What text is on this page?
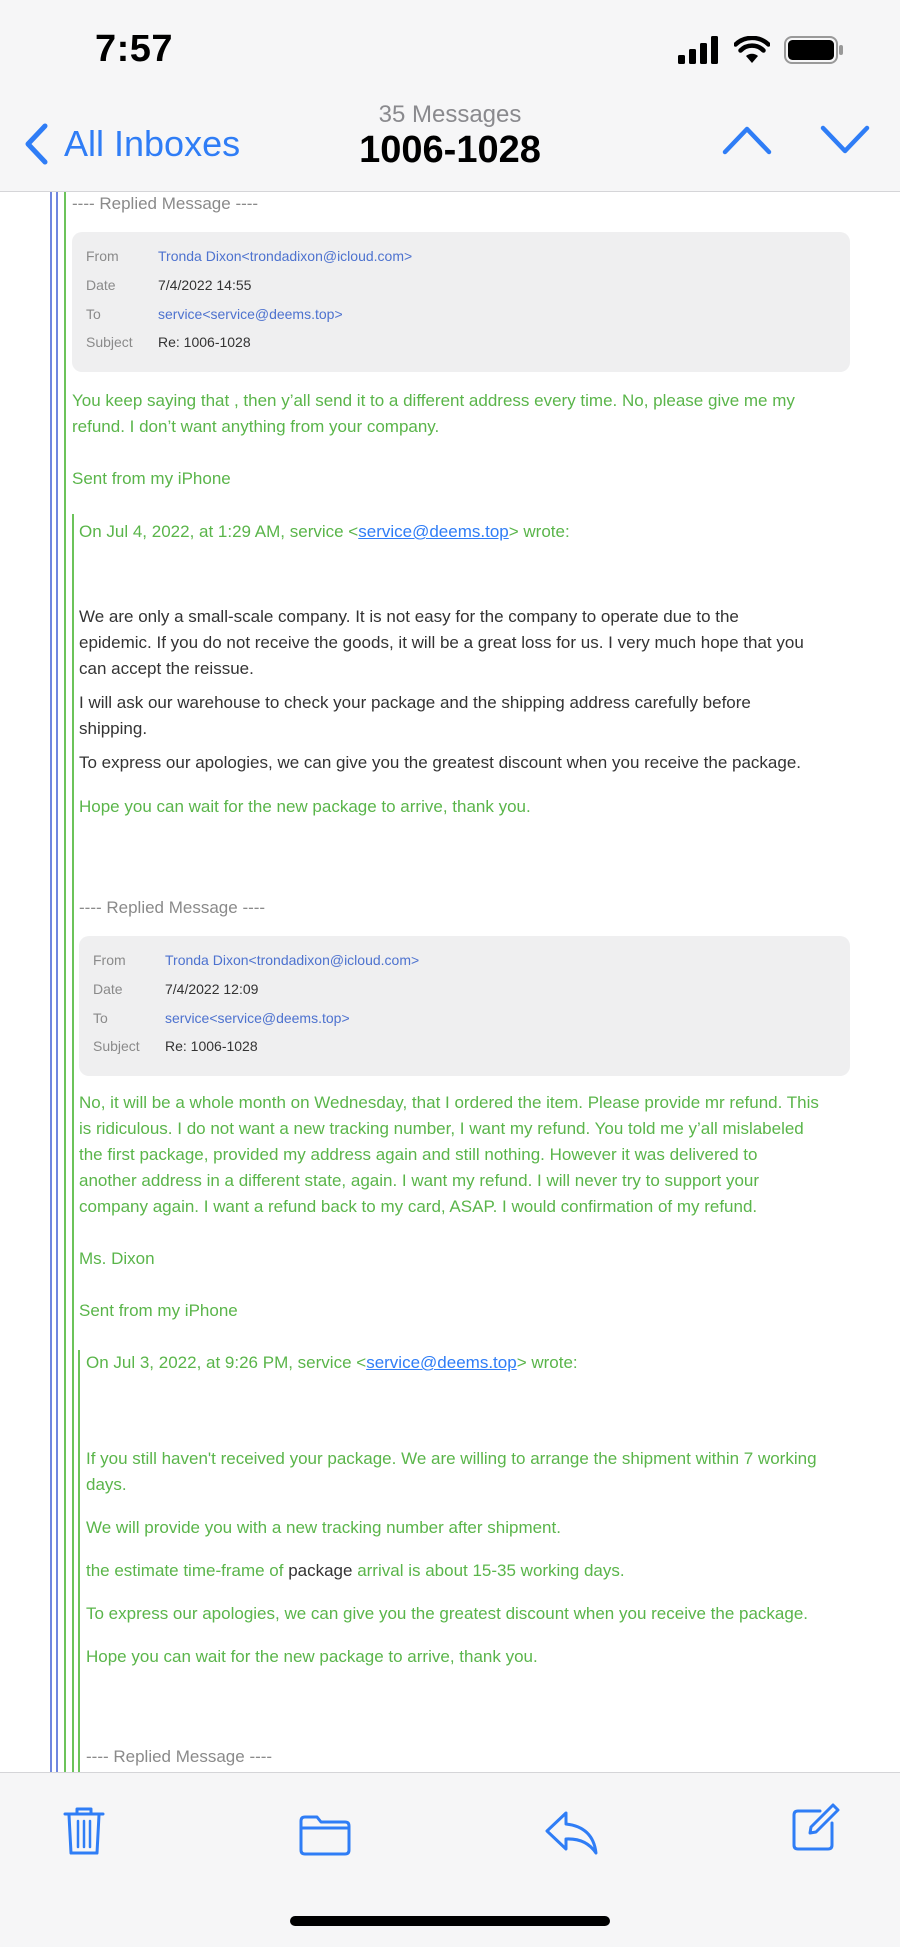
7:57
All Inboxes
35 Messages
1006-1028
---- Replied Message ----
From	Tronda Dixon<trondadixon@icloud.com>
Date	7/4/2022 14:55
To	service<service@deems.top>
Subject Re: 1006-1028
You keep saying that , then y’all send it to a different address every time. No, please give me my
refund. I don’t want anything from your company.
Sent from my iPhone
On Jul 4, 2022, at 1:29 AM, service <service@deems.top> wrote:
We are only a small-scale company. It is not easy for the company to operate due to the
epidemic. If you do not receive the goods, it will be a great loss for us. I very much hope that you
can accept the reissue.
I will ask our warehouse to check your package and the shipping address carefully before
shipping.
To express our apologies, we can give you the greatest discount when you receive the package.
Hope you can wait for the new package to arrive, thank you.
---- Replied Message ----
From	Tronda Dixon<trondadixon@icloud.com>
Date	7/4/2022 12:09
To	service<service@deems.top>
Subject Re: 1006-1028
No, it will be a whole month on Wednesday, that I ordered the item. Please provide mr refund. This
is ridiculous. I do not want a new tracking number, I want my refund. You told me y’all mislabeled
the first package, provided my address again and still nothing. However it was delivered to
another address in a different state, again. I want my refund. I will never try to support your
company again. I want a refund back to my card, ASAP. I would confirmation of my refund.
Ms. Dixon
Sent from my iPhone
On Jul 3, 2022, at 9:26 PM, service <service@deems.top> wrote:
If you still haven't received your package. We are willing to arrange the shipment within 7 working
days.
We will provide you with a new tracking number after shipment.
the estimate time-frame of package arrival is about 15-35 working days.
To express our apologies, we can give you the greatest discount when you receive the package.
Hope you can wait for the new package to arrive, thank you.
---- Replied Message ----
